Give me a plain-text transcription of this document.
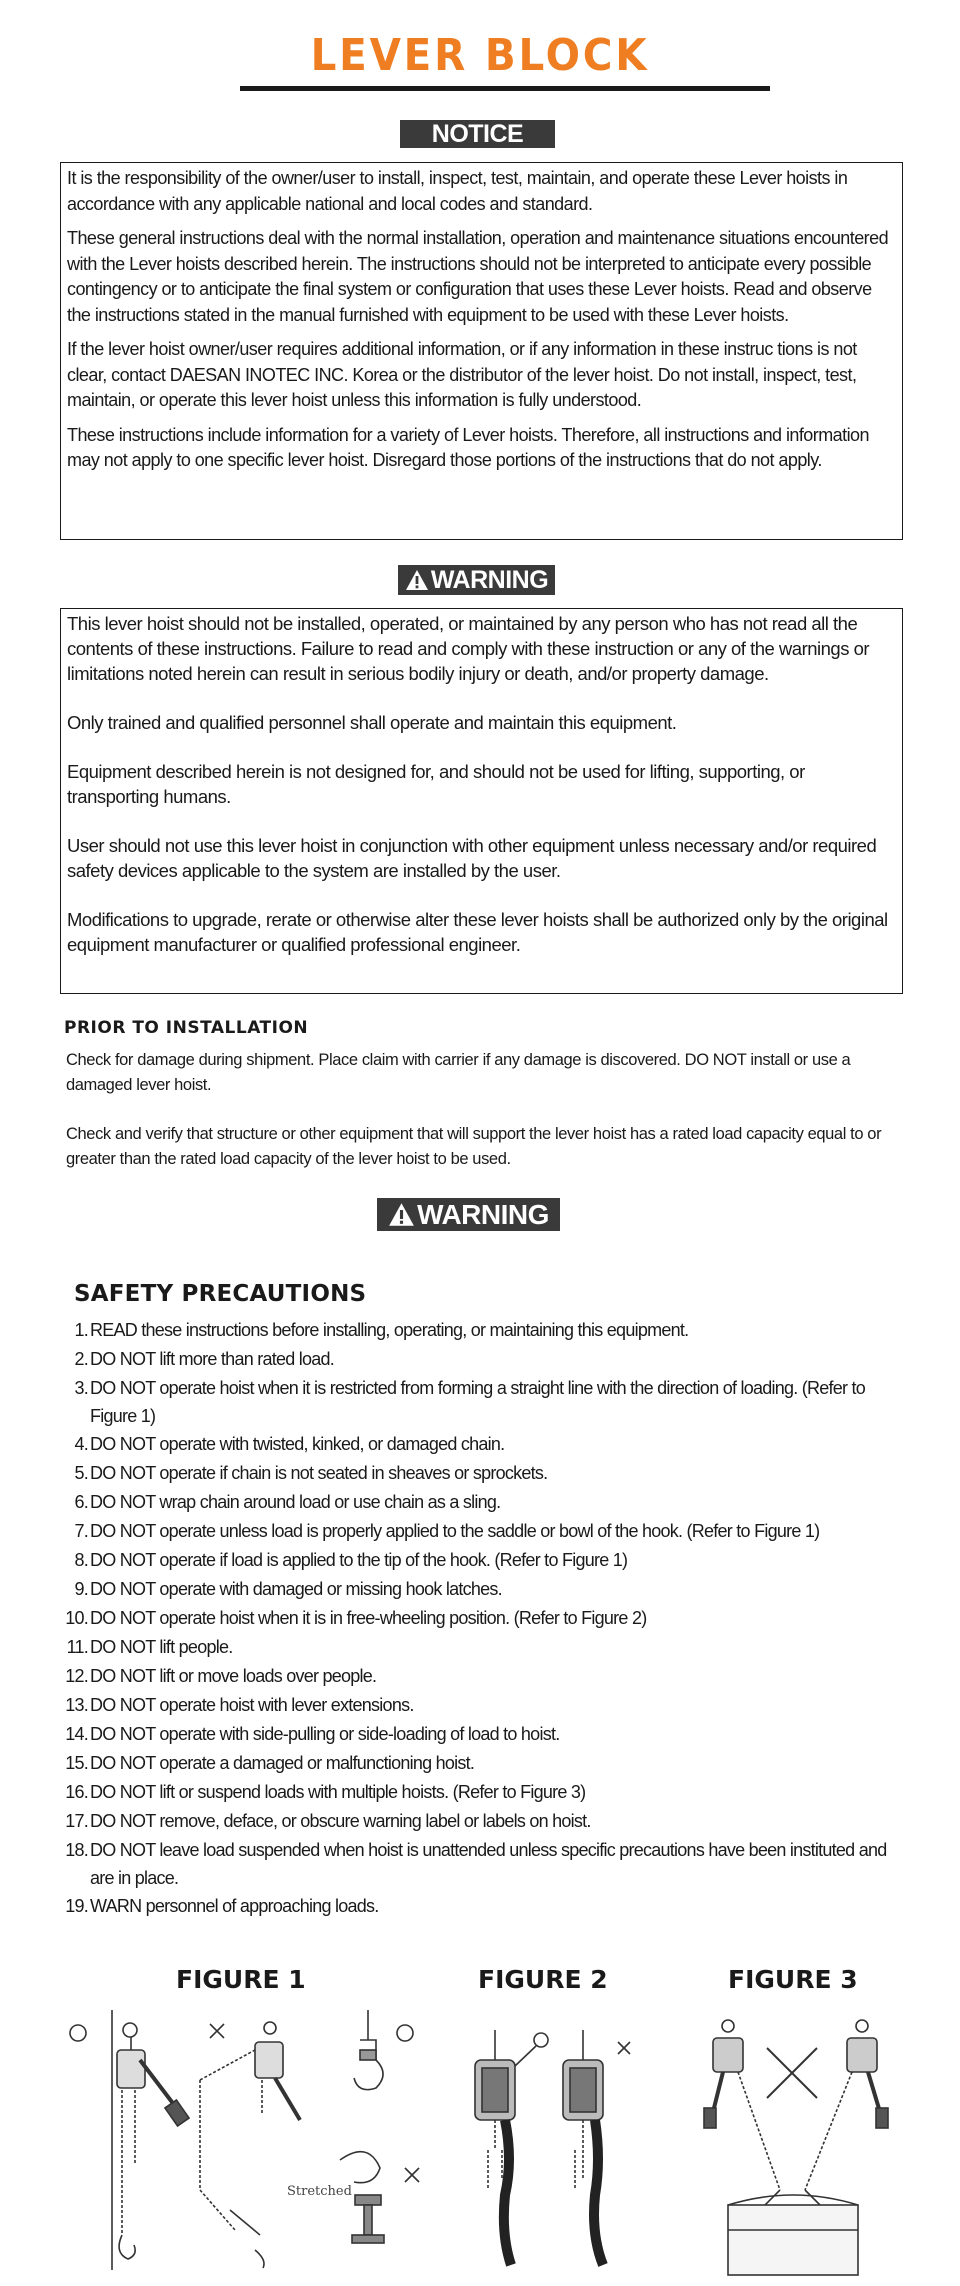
LEVER BLOCK
NOTICE

It is the responsibility of the owner/user to install, inspect, test, maintain, and operate these Lever hoists in accordance with any applicable national and local codes and standard.

These general instructions deal with the normal installation, operation and maintenance situations encountered with the Lever hoists described herein. The instructions should not be interpreted to anticipate every possible contingency or to anticipate the final system or configuration that uses these Lever hoists. Read and observe the instructions stated in the manual furnished with equipment to be used with these Lever hoists.

If the lever hoist owner/user requires additional information, or if any information in these instruc tions is not clear, contact DAESAN INOTEC INC. Korea or the distributor of the lever hoist. Do not install, inspect, test, maintain, or operate this lever hoist unless this information is fully understood.

These instructions include information for a variety of Lever hoists. Therefore, all instructions and information may not apply to one specific lever hoist. Disregard those portions of the instructions that do not apply.

WARNING

This lever hoist should not be installed, operated, or maintained by any person who has not read all the contents of these instructions. Failure to read and comply with these instruction or any of the warnings or limitations noted herein can result in serious bodily injury or death, and/or property damage.

Only trained and qualified personnel shall operate and maintain this equipment.

Equipment described herein is not designed for, and should not be used for lifting, supporting, or transporting humans.

User should not use this lever hoist in conjunction with other equipment unless necessary and/or required safety devices applicable to the system are installed by the user.

Modifications to upgrade, rerate or otherwise alter these lever hoists shall be authorized only by the original equipment manufacturer or qualified professional engineer.

PRIOR TO INSTALLATION

Check for damage during shipment. Place claim with carrier if any damage is discovered. DO NOT install or use a damaged lever hoist.

Check and verify that structure or other equipment that will support the lever hoist has a rated load capacity equal to or greater than the rated load capacity of the lever hoist to be used.

WARNING
SAFETY PRECAUTIONS
1. READ these instructions before installing, operating, or maintaining this equipment.
2. DO NOT lift more than rated load.
3. DO NOT operate hoist when it is restricted from forming a straight line with the direction of loading. (Refer to Figure 1)
4. DO NOT operate with twisted, kinked, or damaged chain.
5. DO NOT operate if chain is not seated in sheaves or sprockets.
6. DO NOT wrap chain around load or use chain as a sling.
7. DO NOT operate unless load is properly applied to the saddle or bowl of the hook. (Refer to Figure 1)
8. DO NOT operate if load is applied to the tip of the hook. (Refer to Figure 1)
9. DO NOT operate with damaged or missing hook latches.
10. DO NOT operate hoist when it is in free-wheeling position. (Refer to Figure 2)
11. DO NOT lift people.
12. DO NOT lift or move loads over people.
13. DO NOT operate hoist with lever extensions.
14. DO NOT operate with side-pulling or side-loading of load to hoist.
15. DO NOT operate a damaged or malfunctioning hoist.
16. DO NOT lift or suspend loads with multiple hoists. (Refer to Figure 3)
17. DO NOT remove, deface, or obscure warning label or labels on hoist.
18. DO NOT leave load suspended when hoist is unattended unless specific precautions have been instituted and are in place.
19. WARN personnel of approaching loads.
FIGURE 1	FIGURE 2	FIGURE 3
Stretched
